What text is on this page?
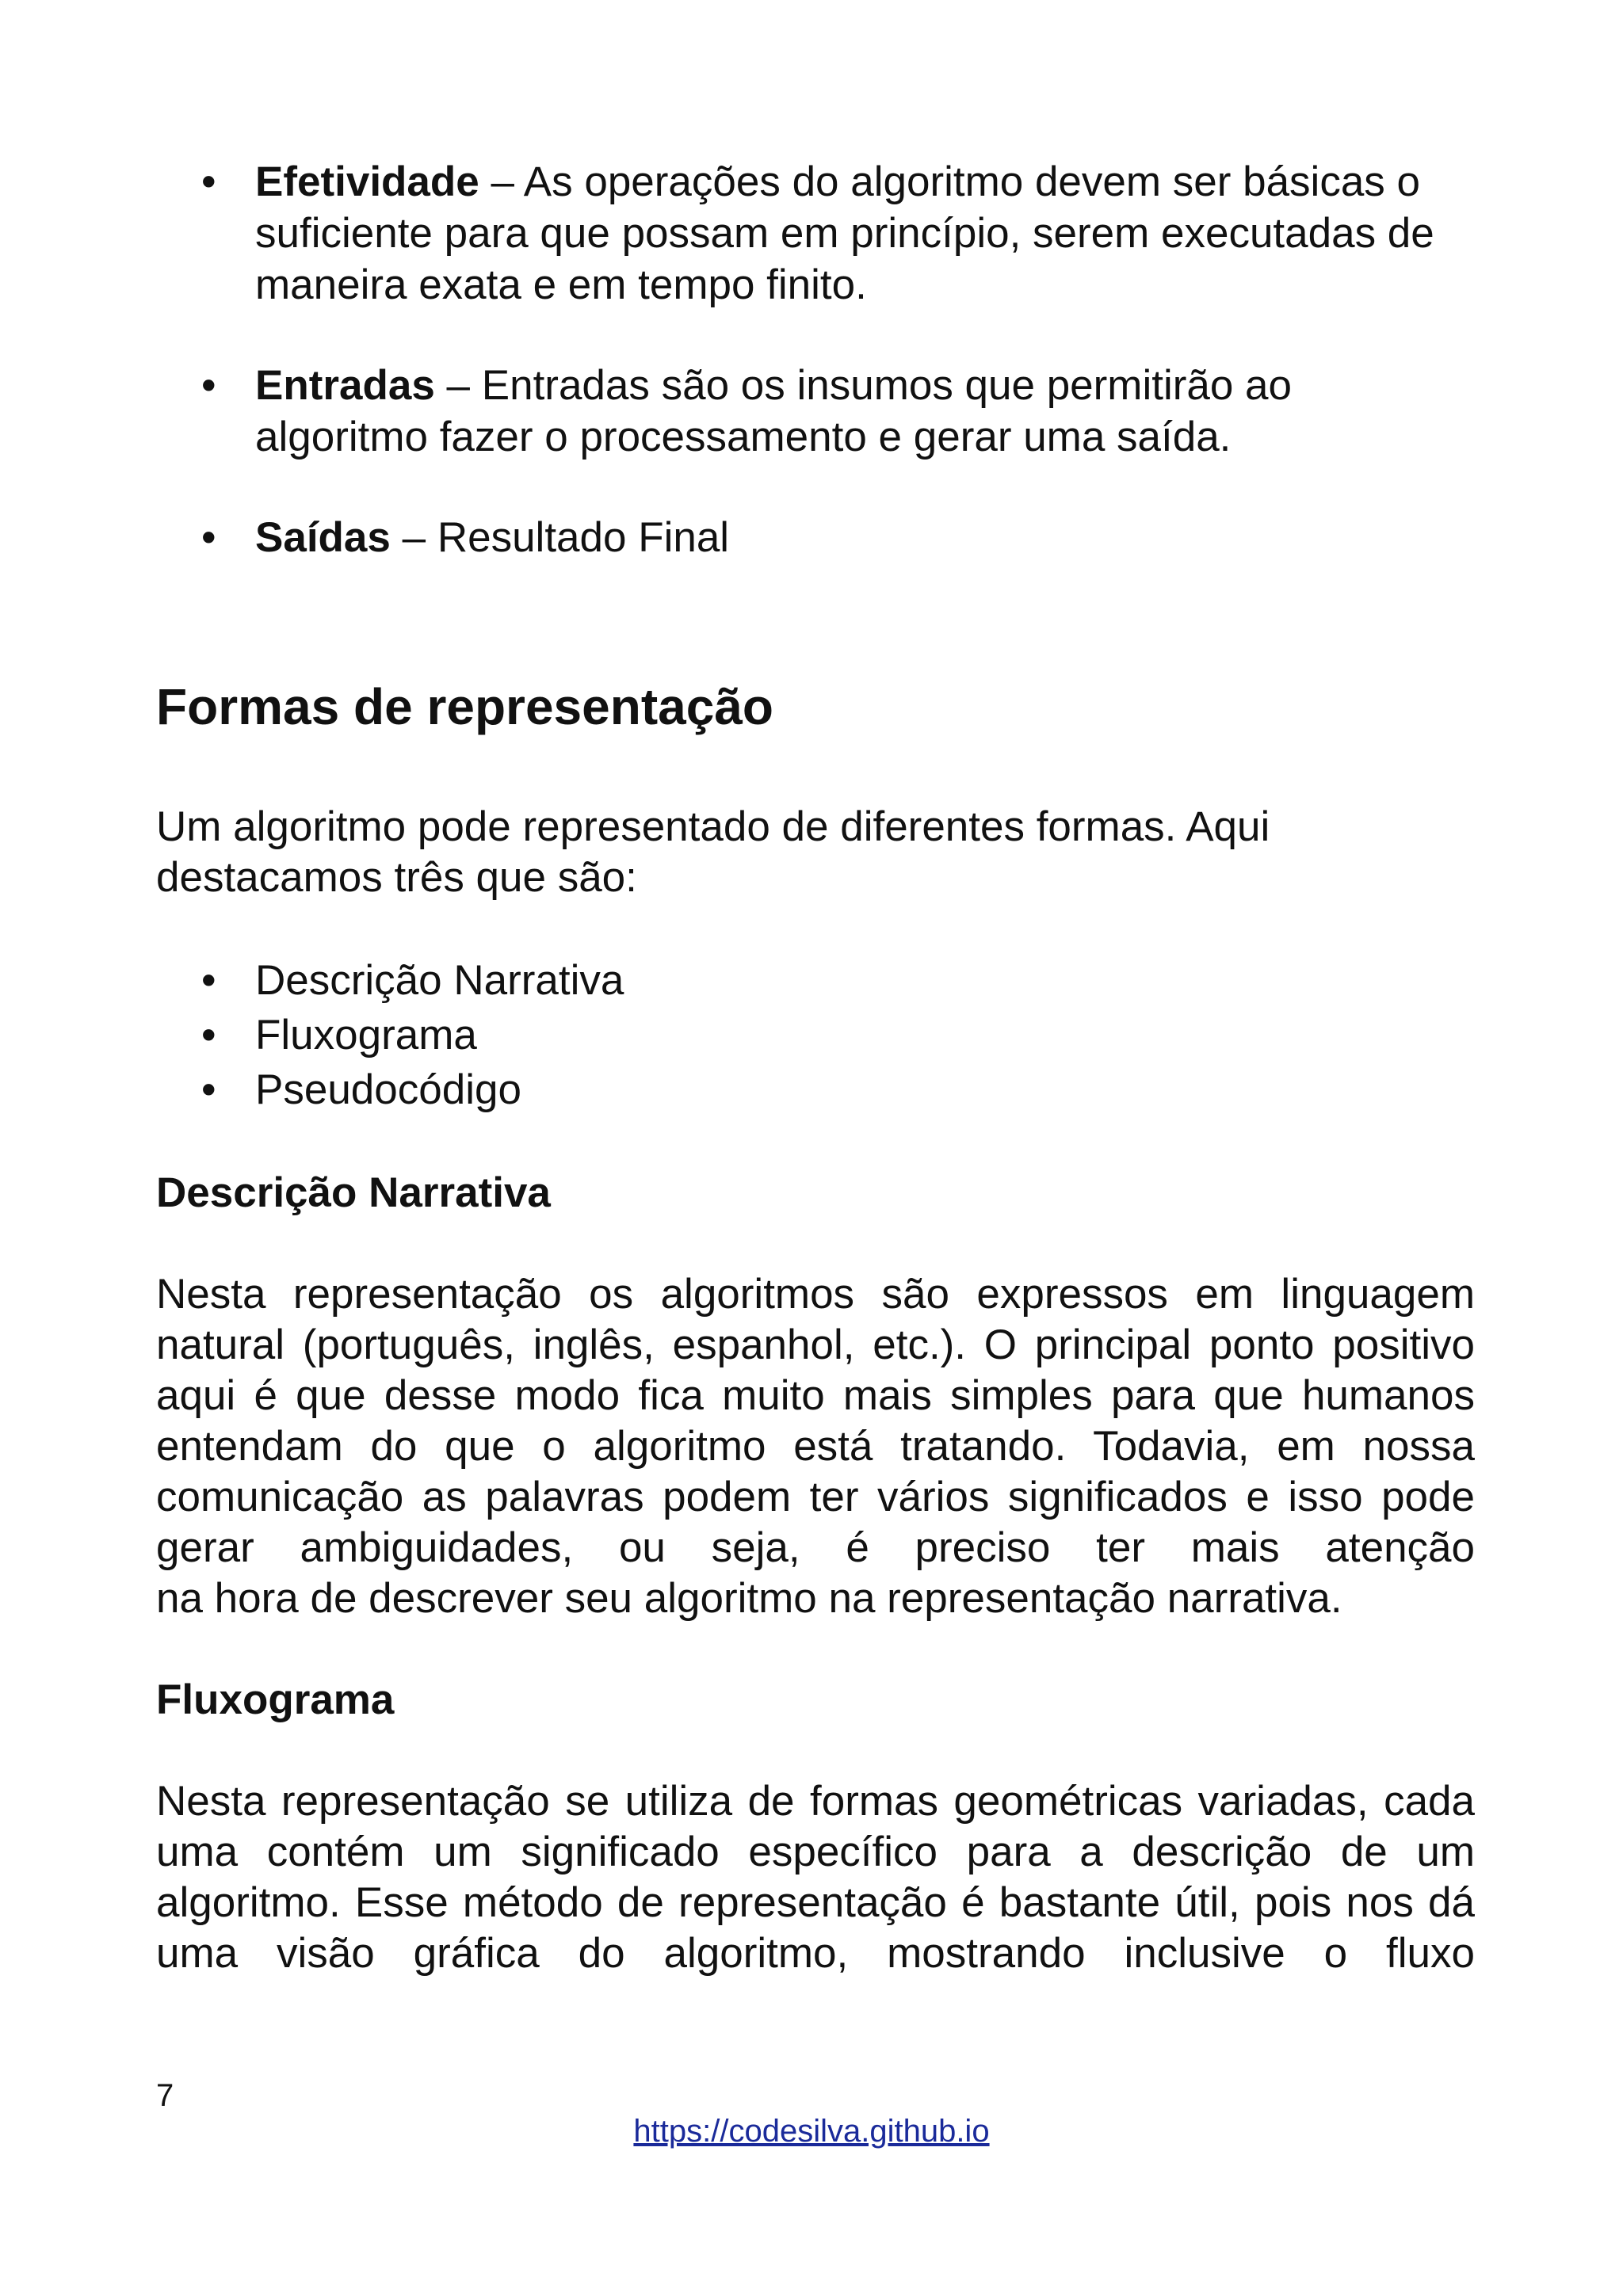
• Efetividade – As operações do algoritmo devem ser básicas o suficiente para que possam em princípio, serem executadas de maneira exata e em tempo finito.
• Entradas – Entradas são os insumos que permitirão ao algoritmo fazer o processamento e gerar uma saída.
• Saídas – Resultado Final
Formas de representação

Um algoritmo pode representado de diferentes formas. Aqui destacamos três que são:

• Descrição Narrativa
• Fluxograma
• Pseudocódigo
Descrição Narrativa

Nesta representação os algoritmos são expressos em linguagem natural (português, inglês, espanhol, etc.). O principal ponto positivo aqui é que desse modo fica muito mais simples para que humanos entendam do que o algoritmo está tratando. Todavia, em nossa comunicação as palavras podem ter vários significados e isso pode gerar ambiguidades, ou seja, é preciso ter mais atenção

na hora de descrever seu algoritmo na representação narrativa.

Fluxograma

Nesta representação se utiliza de formas geométricas variadas, cada uma contém um significado específico para a descrição de um algoritmo. Esse método de representação é bastante útil, pois nos dá uma visão gráfica do algoritmo, mostrando inclusive o fluxo

7
https://codesilva.github.io
